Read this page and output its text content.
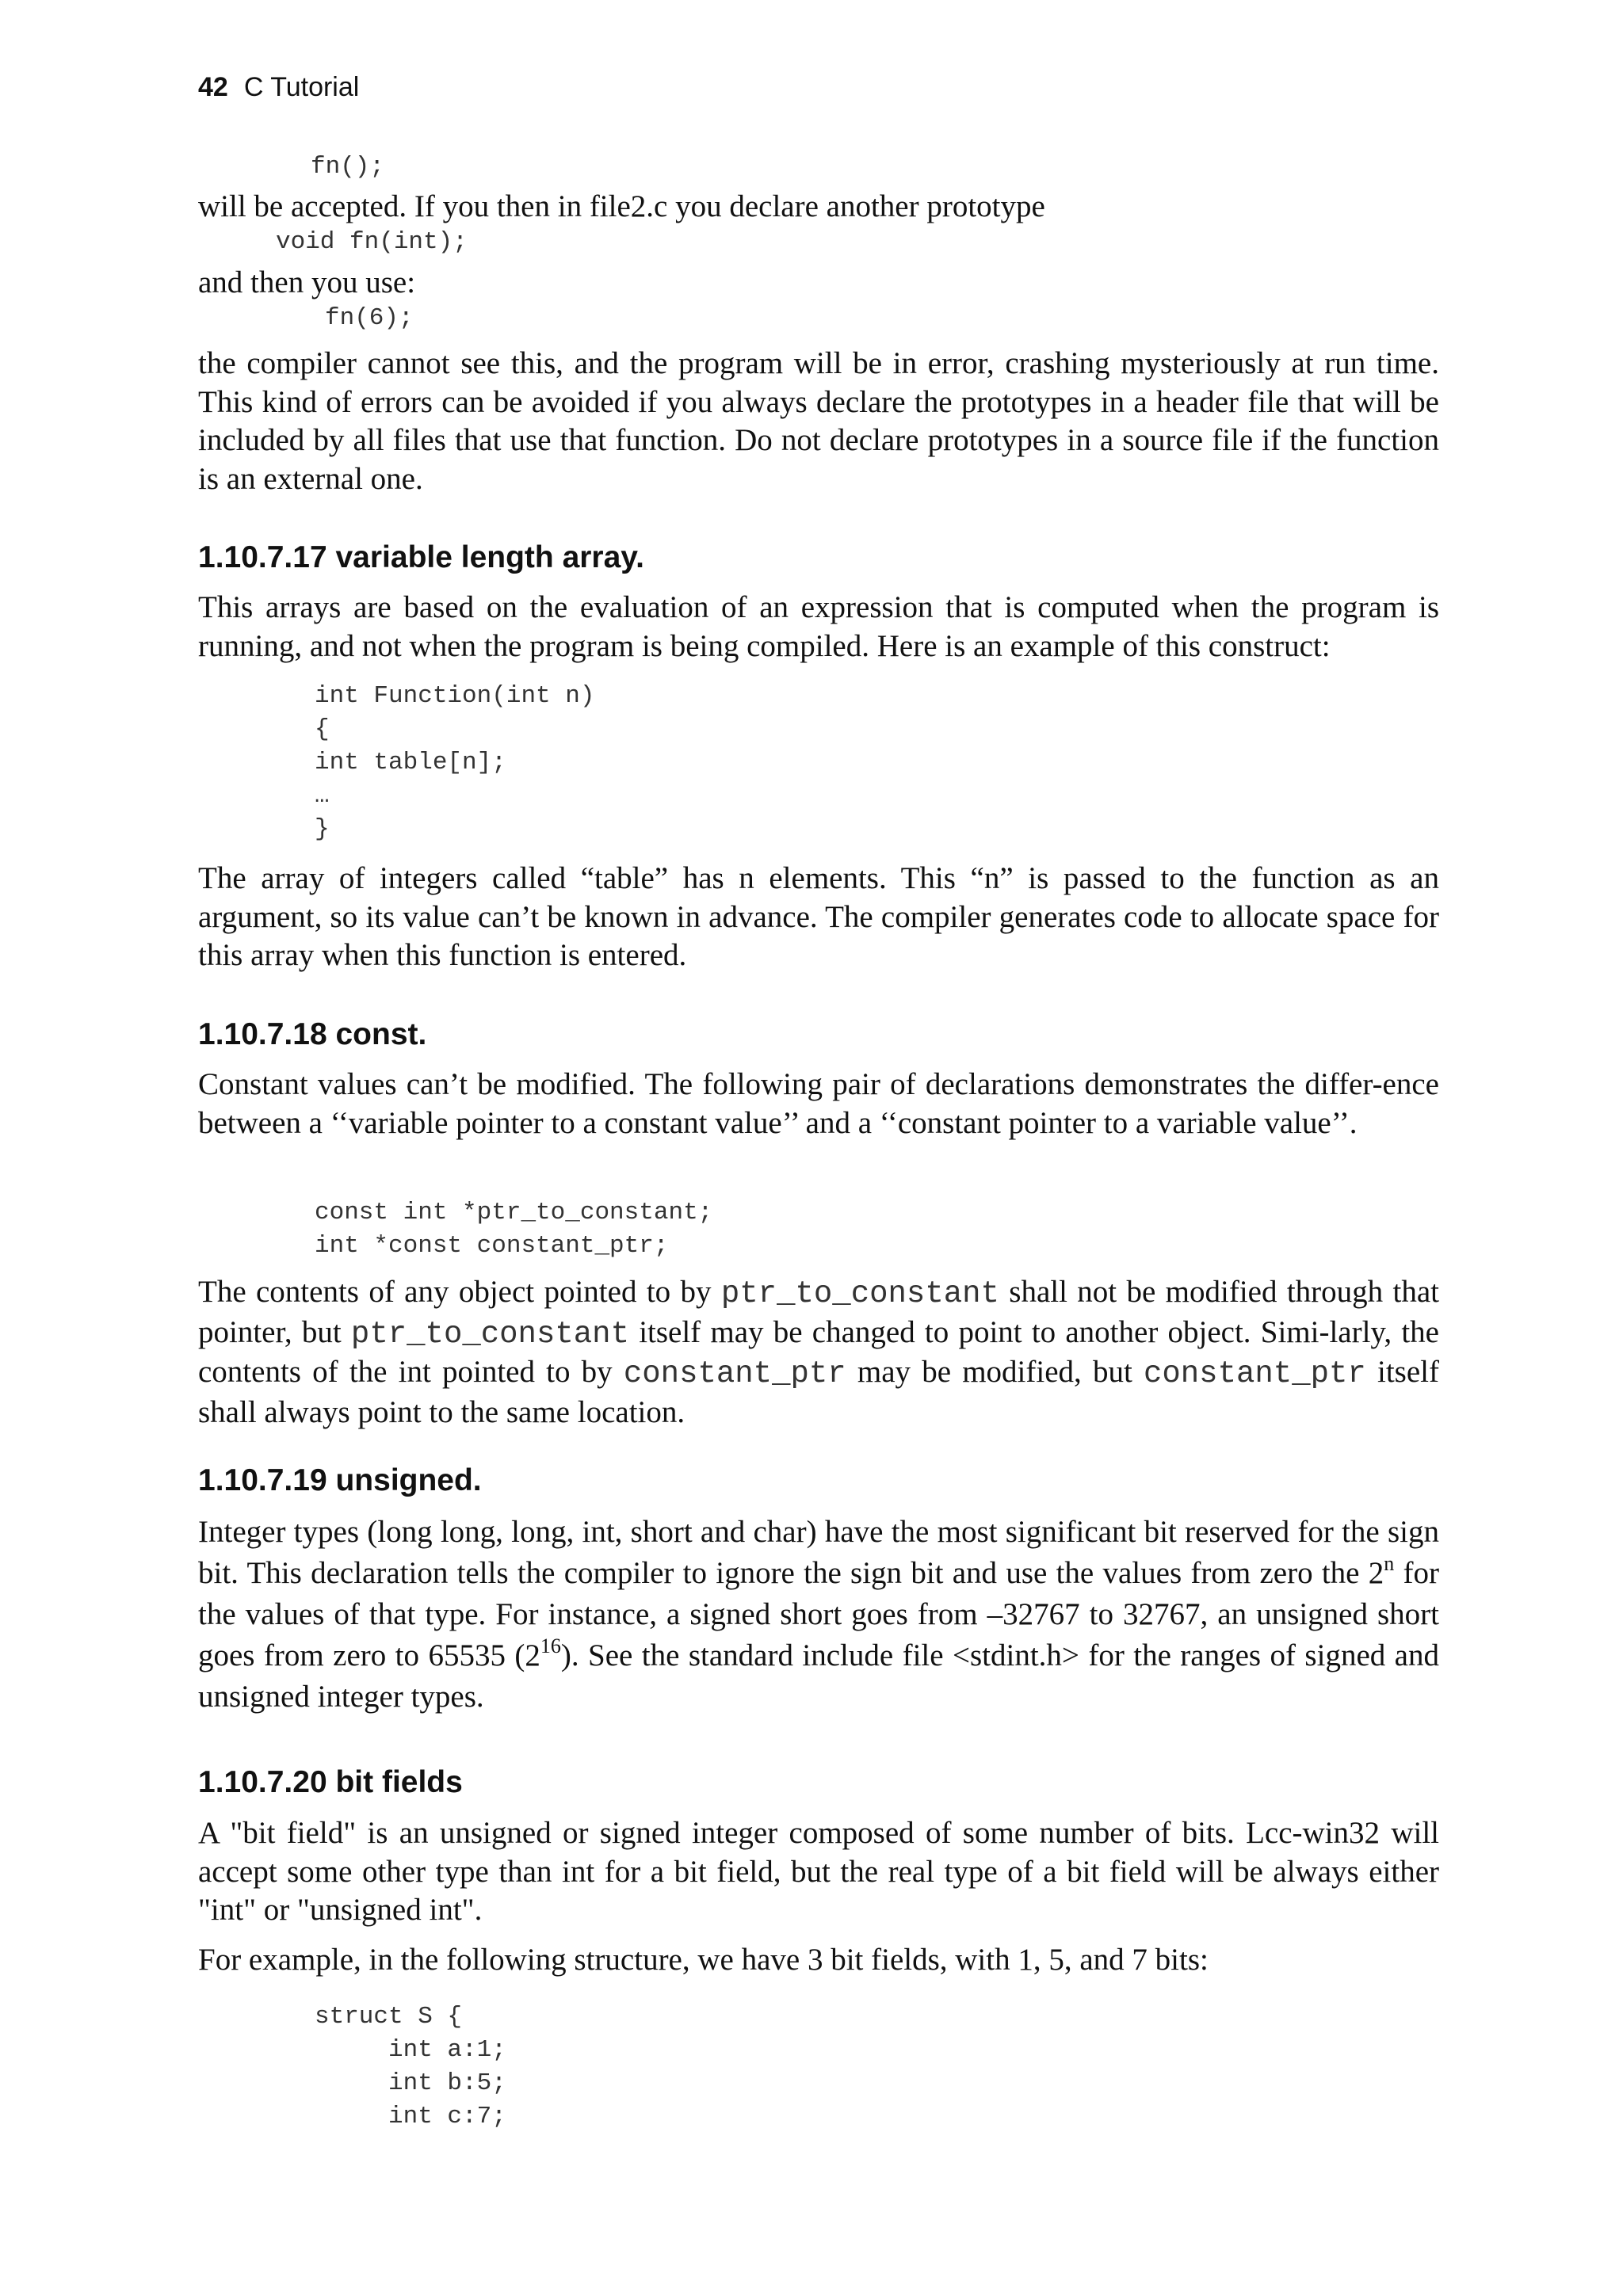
42 C Tutorial
fn();

will be accepted. If you then in file2.c you declare another prototype

void fn(int);

and then you use:

fn(6);

the compiler cannot see this, and the program will be in error, crashing mysteriously at run time. This kind of errors can be avoided if you always declare the prototypes in a header file that will be included by all files that use that function. Do not declare prototypes in a source file if the function is an external one.

1.10.7.17 variable length array.

This arrays are based on the evaluation of an expression that is computed when the program is running, and not when the program is being compiled. Here is an example of this construct:

int Function(int n)
{
int table[n];
…
}

The array of integers called “table” has n elements. This “n” is passed to the function as an argument, so its value can’t be known in advance. The compiler generates code to allocate space for this array when this function is entered.

1.10.7.18 const.

Constant values can’t be modified. The following pair of declarations demonstrates the differ-ence between a ‘‘variable pointer to a constant value’’ and a ‘‘constant pointer to a variable value’’.

const int *ptr_to_constant;
int *const constant_ptr;

The contents of any object pointed to by ptr_to_constant shall not be modified through that pointer, but ptr_to_constant itself may be changed to point to another object. Simi-larly, the contents of the int pointed to by constant_ptr may be modified, but constant_ptr itself shall always point to the same location.

1.10.7.19 unsigned.

Integer types (long long, long, int, short and char) have the most significant bit reserved for the sign bit. This declaration tells the compiler to ignore the sign bit and use the values from zero the 2$^n$ for the values of that type. For instance, a signed short goes from –32767 to 32767, an unsigned short goes from zero to 65535 $(2^{16})$. See the standard include file <stdint.h> for the ranges of signed and unsigned integer types.

1.10.7.20 bit fields

A "bit field" is an unsigned or signed integer composed of some number of bits. Lcc-win32 will accept some other type than int for a bit field, but the real type of a bit field will be always either "int" or "unsigned int".

For example, in the following structure, we have 3 bit fields, with 1, 5, and 7 bits:

struct S {
int a:1;
int b:5;
int c:7;
